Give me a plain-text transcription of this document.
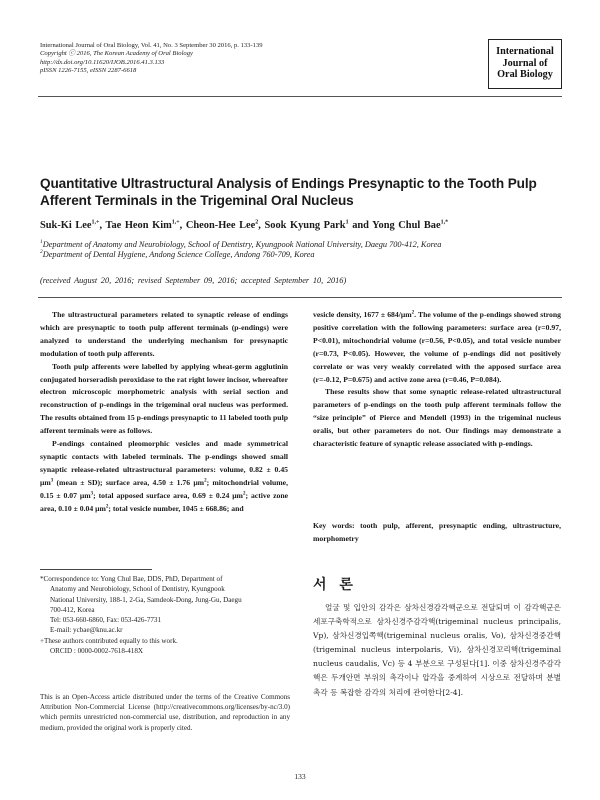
International Journal of Oral Biology, Vol. 41, No. 3 September 30 2016, p. 133-139
Copyright ⓒ 2016, The Korean Academy of Oral Biology
http://dx.doi.org/10.11620/IJOB.2016.41.3.133
pISSN 1226-7155, eISSN 2287-6618
International
Journal of
Oral Biology
Quantitative Ultrastructural Analysis of Endings Presynaptic to the Tooth Pulp Afferent Terminals in the Trigeminal Oral Nucleus
Suk-Ki Lee$^{1,+}$, Tae Heon Kim$^{1,+}$, Cheon-Hee Lee$^2$, Sook Kyung Park$^1$ and Yong Chul Bae$^{1,*}$
$^1$Department of Anatomy and Neurobiology, School of Dentistry, Kyungpook National University, Daegu 700-412, Korea
$^2$Department of Dental Hygiene, Andong Science College, Andong 760-709, Korea
(received August 20, 2016; revised September 09, 2016; accepted September 10, 2016)

The ultrastructural parameters related to synaptic release of endings which are presynaptic to tooth pulp afferent terminals (p-endings) were analyzed to understand the underlying mechanism for presynaptic modulation of tooth pulp afferents.

Tooth pulp afferents were labelled by applying wheat-germ agglutinin conjugated horseradish peroxidase to the rat right lower incisor, whereafter electron microscopic morphometric analysis with serial section and reconstruction of p-endings in the trigeminal oral nucleus was performed. The results obtained from 15 p-endings presynaptic to 11 labeled tooth pulp afferent terminals were as follows.

P-endings contained pleomorphic vesicles and made symmetrical synaptic contacts with labeled terminals. The p-endings showed small synaptic release-related ultrastructural parameters: volume, 0.82 ± 0.45 $\mu m^3$ (mean ± SD); surface area, 4.50 ± 1.76 $\mu m^2$; mitochondrial volume, 0.15 ± 0.07 $\mu m^3$; total apposed surface area, 0.69 ± 0.24 $\mu m^2$; active zone area, 0.10 ± 0.04 $\mu m^2$; total vesicle number, 1045 ± 668.86; and

vesicle density, $1677 \pm 684/\mu m^2$. The volume of the p-endings showed strong positive correlation with the following parameters: surface area (r=0.97, P<0.01), mitochondrial volume (r=0.56, P<0.05), and total vesicle number (r=0.73, P<0.05). However, the volume of p-endings did not positively correlate or was very weakly correlated with the apposed surface area (r=-0.12, P=0.675) and active zone area (r=0.46, P=0.084).

These results show that some synaptic release-related ultrastructural parameters of p-endings on the tooth pulp afferent terminals follow the “size principle” of Pierce and Mendell (1993) in the trigeminal nucleus oralis, but other parameters do not. Our findings may demonstrate a characteristic feature of synaptic release associated with p-endings.

Key words: tooth pulp, afferent, presynaptic ending, ultrastructure, morphometry

*Correspondence to: Yong Chul Bae, DDS, PhD, Department of

Anatomy and Neurobiology, School of Dentistry, Kyungpook

National University, 188-1, 2-Ga, Samdeok-Dong, Jung-Gu, Daegu

700-412, Korea

Tel: 053-660-6860, Fax: 053-426-7731

E-mail: ycbae@knu.ac.kr

+These authors contributed equally to this work.

ORCID : 0000-0002-7618-418X

This is an Open-Access article distributed under the terms of the Creative Commons Attribution Non-Commercial License (http://creativecommons.org/licenses/by-nc/3.0) which permits unrestricted non-commercial use, distribution, and reproduction in any medium, provided the original work is properly cited.
서 론
얼굴 및 입안의 감각은 삼차신경감각핵군으로 전달되며 이 감각핵군은 세포구축학적으로 삼차신경주감각핵(trigeminal nucleus principalis, Vp), 삼차신경입쪽핵(trigeminal nucleus oralis, Vo), 삼차신경중간핵(trigeminal nucleus interpolaris, Vi), 삼차신경꼬리핵(trigeminal nucleus caudalis, Vc) 등 4 부분으로 구성된다[1]. 이중 삼차신경주감각핵은 두개안면 부위의 촉각이나 압각을 중계하여 시상으로 전달하며 분별 촉각 등 복잡한 감각의 처리에 관여한다[2-4].
133
